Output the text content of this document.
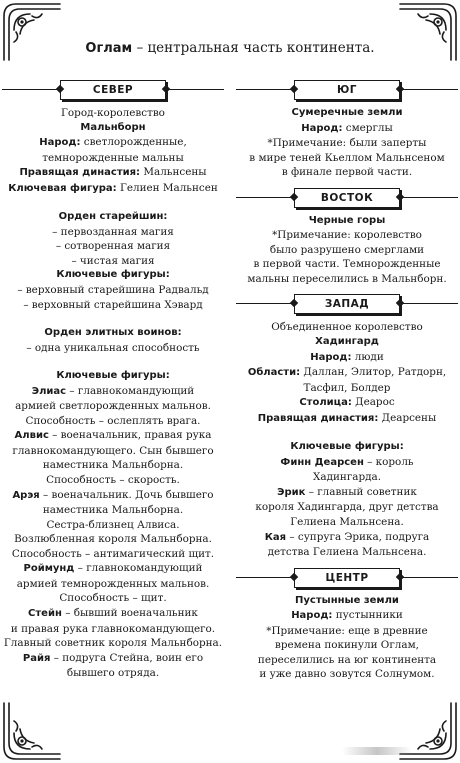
Оглам – центральная часть континента.
СЕВЕР
Город-королевство
Мальнборн
Народ: светлорожденные,
темнорожденные мальны
Правящая династия: Мальнсены
Ключевая фигура: Гелиен Мальнсен
Орден старейшин:
– первозданная магия
– сотворенная магия
– чистая магия
Ключевые фигуры:
– верховный старейшина Радвальд
– верховный старейшина Хэвард
Орден элитных воинов:
– одна уникальная способность
Ключевые фигуры:
Элиас – главнокомандующий
армией светлорожденных мальнов.
Способность – ослеплять врага.
Алвис – военачальник, правая рука
главнокомандующего. Сын бывшего
наместника Мальнборна.
Способность – скорость.
Арэя – военачальник. Дочь бывшего
наместника Мальнборна.
Сестра-близнец Алвиса.
Возлюбленная короля Мальнборна.
Способность – антимагический щит.
Роймунд – главнокомандующий
армией темнорожденных мальнов.
Способность – щит.
Стейн – бывший военачальник
и правая рука главнокомандующего.
Главный советник короля Мальнборна.
Райя – подруга Стейна, воин его
бывшего отряда.
ЮГ
Сумеречные земли
Народ: смерглы
*Примечание: были заперты
в мире теней Кьеллом Мальнсеном
в финале первой части.
ВОСТОК
Черные горы
*Примечание: королевство
было разрушено смерглами
в первой части. Темнорожденные
мальны переселились в Мальнборн.
ЗАПАД
Объединенное королевство
Хадингард
Народ: люди
Области: Даллан, Элитор, Ратдорн,
Тасфил, Болдер
Столица: Деарос
Правящая династия: Деарсены
Ключевые фигуры:
Финн Деарсен – король
Хадингарда.
Эрик – главный советник
короля Хадингарда, друг детства
Гелиена Мальнсена.
Кая – супруга Эрика, подруга
детства Гелиена Мальнсена.
ЦЕНТР
Пустынные земли
Народ: пустынники
*Примечание: еще в древние
времена покинули Оглам,
переселились на юг континента
и уже давно зовутся Солнумом.
